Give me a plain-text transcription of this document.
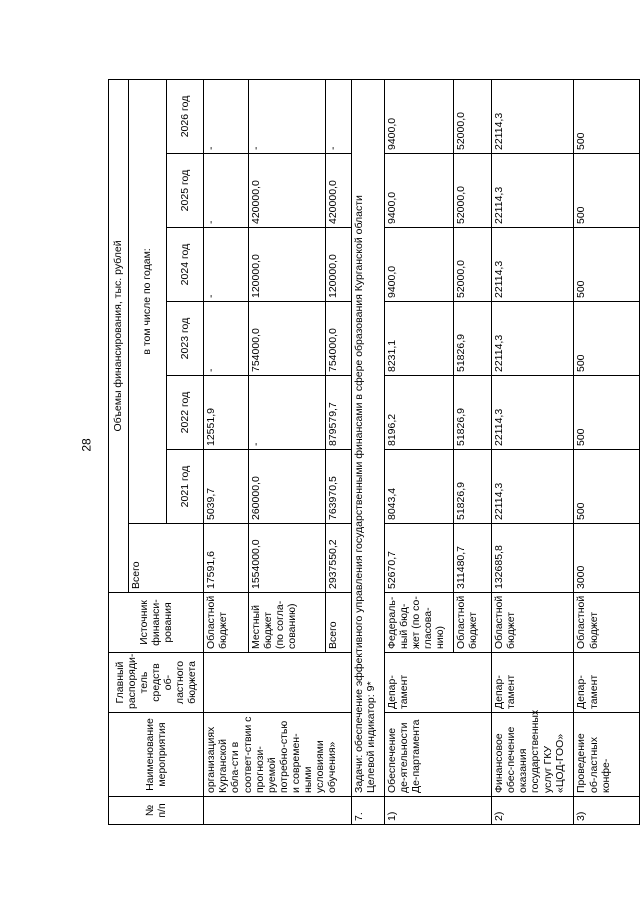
28
№ п/п	Наименование мероприятия	Главный распоряди-тель средств об-ластного бюджета	Источник финанси-рования	Объемы финансирования, тыс. рублей						
				Всего	в том числе по годам:					
					2021 год	2022 год	2023 год	2024 год	2025 год	2026 год
	организациях Курганской обла-сти в соответ-ствии с прогнози-руемой потребно-стью и современ-ными условиями обучения»		Областной бюджет	17591,6	5039,7	12551,9	-	-	-	-
			Местный бюджет (по согла-сованию)	1554000,0	260000,0	-	754000,0	120000,0	420000,0	-
			Всего	2937550,2	763970,5	879579,7	754000,0	120000,0	420000,0	-
7.	Задачи: обеспечение эффективного управления государственными финансами в сфере образования Курганской области Целевой индикатор: 9*									

1)	Обеспечение де-ятельности Де-партамента	Депар-тамент	Федераль-ный бюд-жет (по со-гласова-нию)	52670,7	8043,4	8196,2	8231,1	9400,0	9400,0	9400,0
			Областной бюджет	311480,7	51826,9	51826,9	51826,9	52000,0	52000,0	52000,0
2)	Финансовое обес-печение оказания государственных услуг ГКУ «ЦОД-ГОО»	Депар-тамент	Областной бюджет	132685,8	22114,3	22114,3	22114,3	22114,3	22114,3	22114,3
3)	Проведение об-ластных конфе-	Депар-тамент	Областной бюджет	3000	500	500	500	500	500	500
